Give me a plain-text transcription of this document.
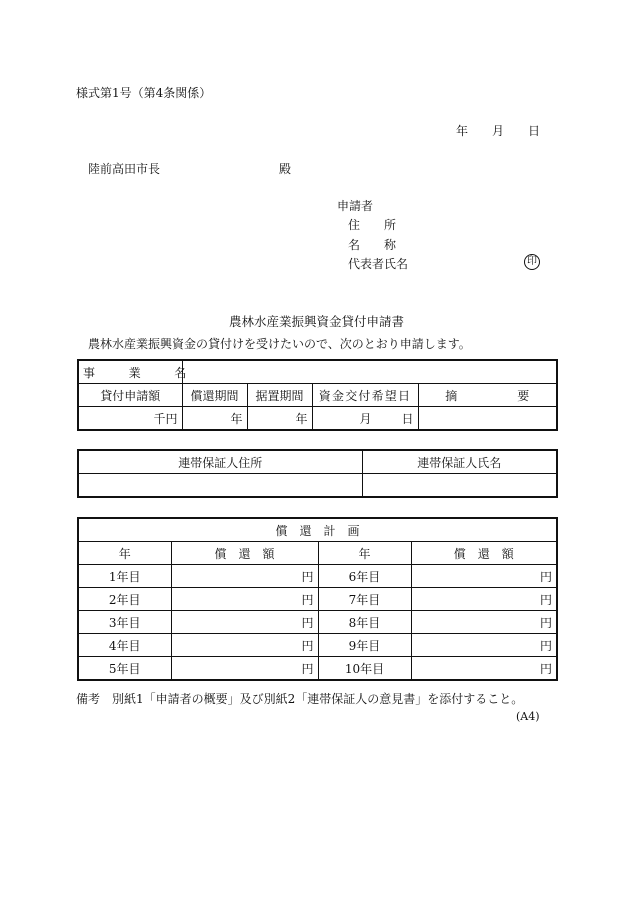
様式第1号（第4条関係）
年 月 日
陸前高田市長	殿
申請者
住　　所
名　　称
代表者氏名	印
農林水産業振興資金貸付申請書
農林水産業振興資金の貸付けを受けたいので、次のとおり申請します。
事　業　名				
貸付申請額	償還期間	据置期間	資金交付希望日	摘　　　　　要
千円	年	年	月 日	
連帯保証人住所	連帯保証人氏名

償　還　計　画			
年	償　還　額	年	償　還　額
1年目	円	6年目	円
2年目	円	7年目	円
3年目	円	8年目	円
4年目	円	9年目	円
5年目	円	10年目	円
備考　別紙1「申請者の概要」及び別紙2「連帯保証人の意見書」を添付すること。
(A4)
